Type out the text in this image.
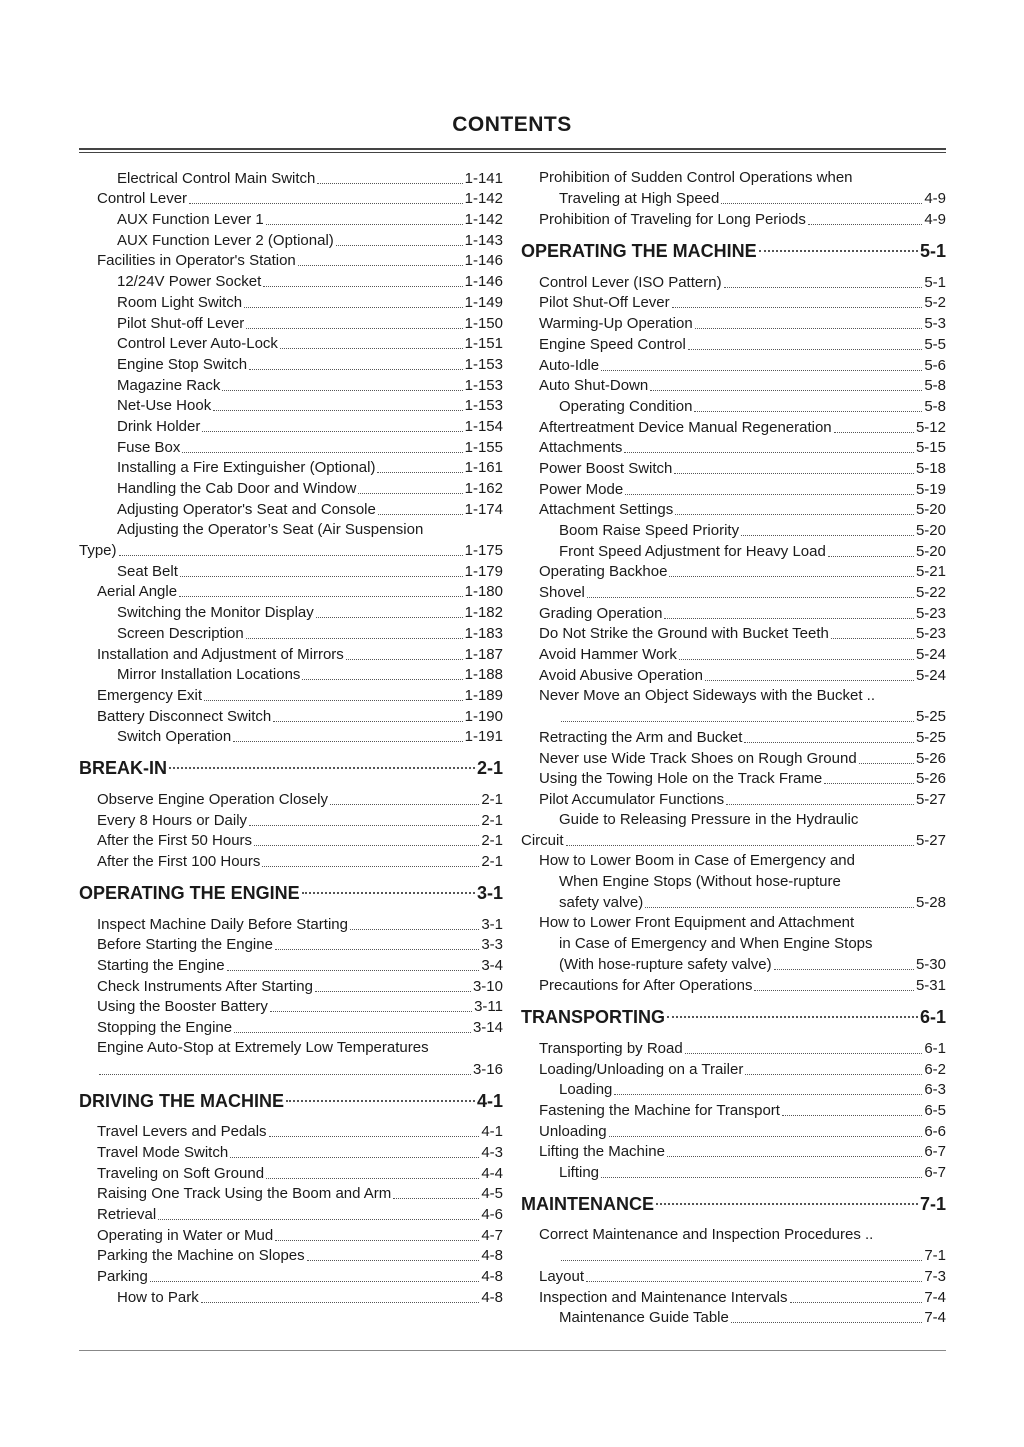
CONTENTS
Electrical Control Main Switch	1-141
Control Lever	1-142
AUX Function Lever 1	1-142
AUX Function Lever 2 (Optional)	1-143
Facilities in Operator's Station	1-146
12/24V Power Socket	1-146
Room Light Switch	1-149
Pilot Shut-off Lever	1-150
Control Lever Auto-Lock	1-151
Engine Stop Switch	1-153
Magazine Rack	1-153
Net-Use Hook	1-153
Drink Holder	1-154
Fuse Box	1-155
Installing a Fire Extinguisher (Optional)	1-161
Handling the Cab Door and Window	1-162
Adjusting Operator's Seat and Console	1-174
Adjusting the Operator’s Seat (Air Suspension
Type)	1-175
Seat Belt	1-179
Aerial Angle	1-180
Switching the Monitor Display	1-182
Screen Description	1-183
Installation and Adjustment of Mirrors	1-187
Mirror Installation Locations	1-188
Emergency Exit	1-189
Battery Disconnect Switch	1-190
Switch Operation	1-191
BREAK-IN	2-1
Observe Engine Operation Closely	2-1
Every 8 Hours or Daily	2-1
After the First 50 Hours	2-1
After the First 100 Hours	2-1
OPERATING THE ENGINE	3-1
Inspect Machine Daily Before Starting	3-1
Before Starting the Engine	3-3
Starting the Engine	3-4
Check Instruments After Starting	3-10
Using the Booster Battery	3-11
Stopping the Engine	3-14
Engine Auto-Stop at Extremely Low Temperatures
3-16
DRIVING THE MACHINE	4-1
Travel Levers and Pedals	4-1
Travel Mode Switch	4-3
Traveling on Soft Ground	4-4
Raising One Track Using the Boom and Arm	4-5
Retrieval	4-6
Operating in Water or Mud	4-7
Parking the Machine on Slopes	4-8
Parking	4-8
How to Park	4-8
Prohibition of Sudden Control Operations when
Traveling at High Speed	4-9
Prohibition of Traveling for Long Periods	4-9
OPERATING THE MACHINE	5-1
Control Lever (ISO Pattern)	5-1
Pilot Shut-Off Lever	5-2
Warming-Up Operation	5-3
Engine Speed Control	5-5
Auto-Idle	5-6
Auto Shut-Down	5-8
Operating Condition	5-8
Aftertreatment Device Manual Regeneration	5-12
Attachments	5-15
Power Boost Switch	5-18
Power Mode	5-19
Attachment Settings	5-20
Boom Raise Speed Priority	5-20
Front Speed Adjustment for Heavy Load	5-20
Operating Backhoe	5-21
Shovel	5-22
Grading Operation	5-23
Do Not Strike the Ground with Bucket Teeth	5-23
Avoid Hammer Work	5-24
Avoid Abusive Operation	5-24
Never Move an Object Sideways with the Bucket ..
5-25
Retracting the Arm and Bucket	5-25
Never use Wide Track Shoes on Rough Ground	5-26
Using the Towing Hole on the Track Frame	5-26
Pilot Accumulator Functions	5-27
Guide to Releasing Pressure in the Hydraulic
Circuit	5-27
How to Lower Boom in Case of Emergency and
When Engine Stops (Without hose-rupture
safety valve)	5-28
How to Lower Front Equipment and Attachment
in Case of Emergency and When Engine Stops
(With hose-rupture safety valve)	5-30
Precautions for After Operations	5-31
TRANSPORTING	6-1
Transporting by Road	6-1
Loading/Unloading on a Trailer	6-2
Loading	6-3
Fastening the Machine for Transport	6-5
Unloading	6-6
Lifting the Machine	6-7
Lifting	6-7
MAINTENANCE	7-1
Correct Maintenance and Inspection Procedures ..
7-1
Layout	7-3
Inspection and Maintenance Intervals	7-4
Maintenance Guide Table	7-4
